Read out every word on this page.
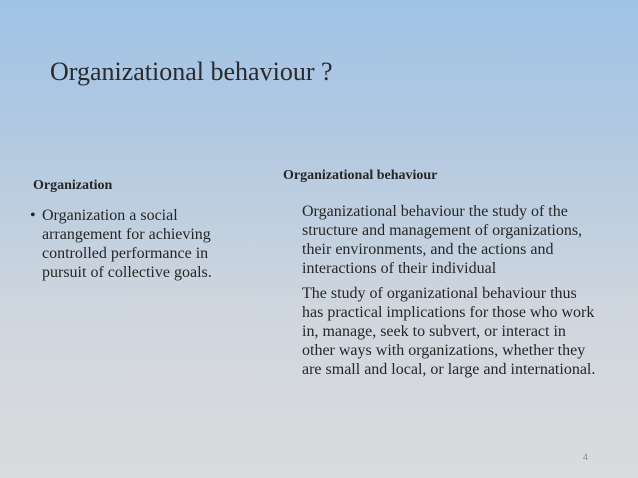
Organizational behaviour ?
Organization
• Organization a social arrangement for achieving controlled performance in pursuit of collective goals.
Organizational behaviour

Organizational behaviour the study of the structure and management of organizations, their environments, and the actions and interactions of their individual

The study of organizational behaviour thus has practical implications for those who work in, manage, seek to subvert, or interact in other ways with organizations, whether they are small and local, or large and international.

4
